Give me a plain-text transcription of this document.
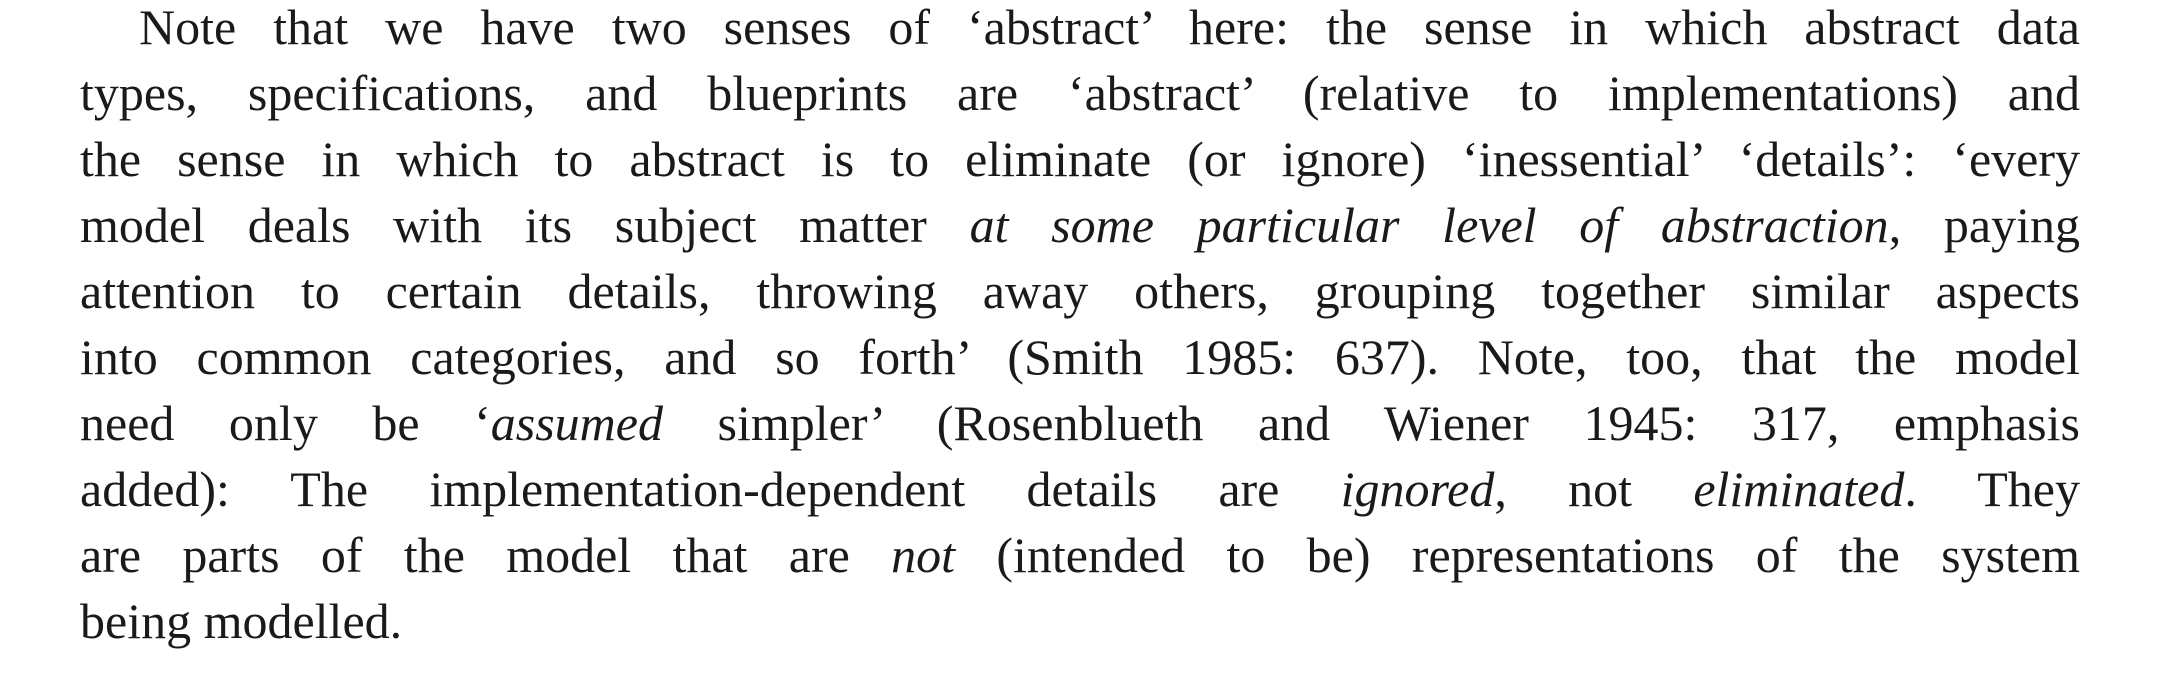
Note that we have two senses of ‘abstract’ here: the sense in which abstract data
types, specifications, and blueprints are ‘abstract’ (relative to implementations) and
the sense in which to abstract is to eliminate (or ignore) ‘inessential’ ‘details’: ‘every
model deals with its subject matter at some particular level of abstraction, paying
attention to certain details, throwing away others, grouping together similar aspects
into common categories, and so forth’ (Smith 1985: 637). Note, too, that the model
need only be ‘assumed simpler’ (Rosenblueth and Wiener 1945: 317, emphasis
added): The implementation-dependent details are ignored, not eliminated. They
are parts of the model that are not (intended to be) representations of the system
being modelled.
